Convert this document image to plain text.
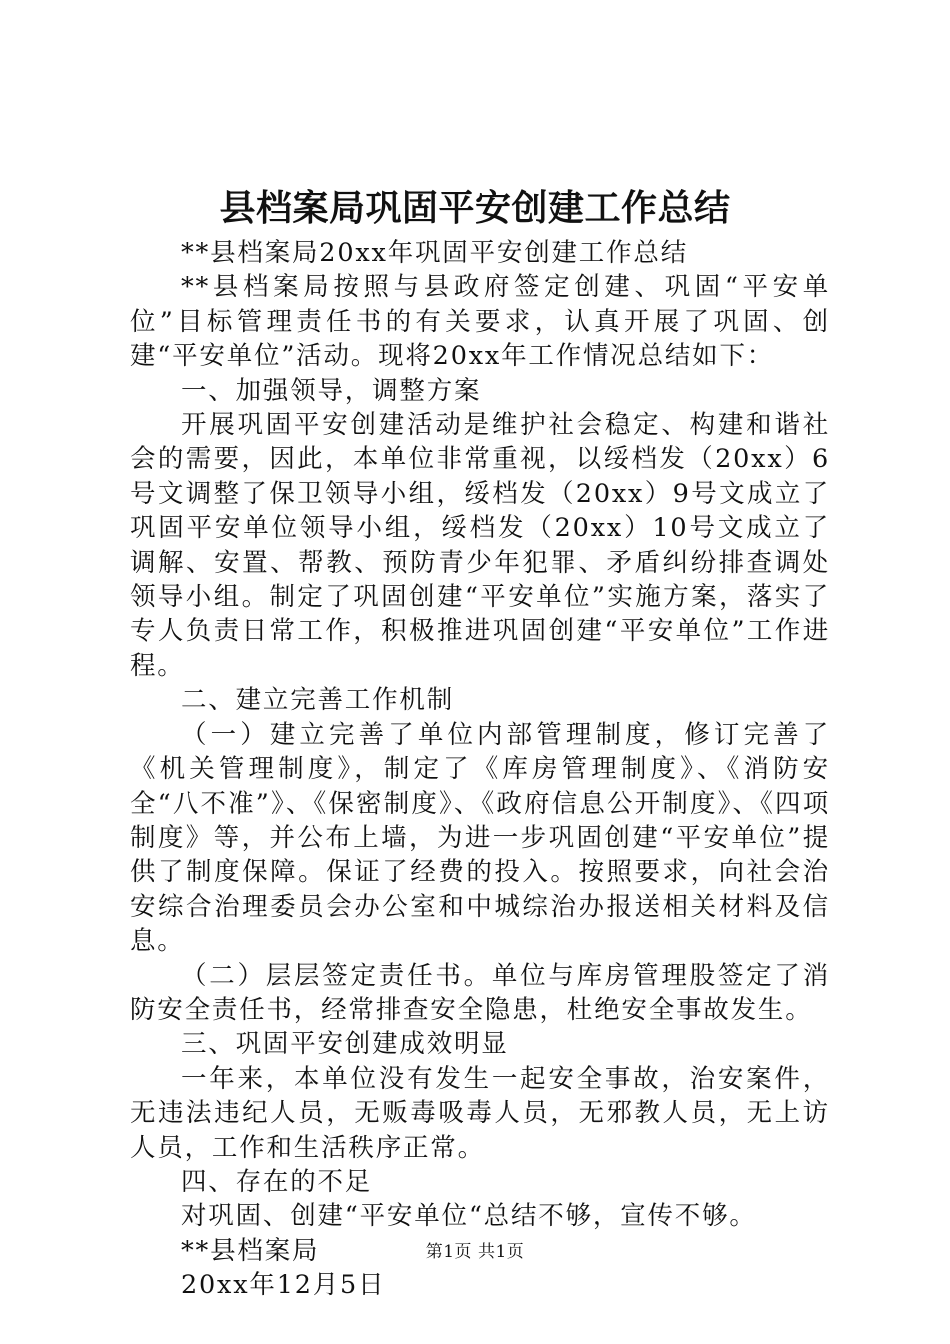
县档案局巩固平安创建工作总结

**县档案局20xx年巩固平安创建工作总结

**县档案局按照与县政府签定创建、巩固“平安单位”目标管理责任书的有关要求，认真开展了巩固、创建“平安单位”活动。现将20xx年工作情况总结如下：

一、加强领导，调整方案

开展巩固平安创建活动是维护社会稳定、构建和谐社会的需要，因此，本单位非常重视，以绥档发（20xx）6号文调整了保卫领导小组，绥档发（20xx）9号文成立了巩固平安单位领导小组，绥档发（20xx）10号文成立了调解、安置、帮教、预防青少年犯罪、矛盾纠纷排查调处领导小组。制定了巩固创建“平安单位”实施方案，落实了专人负责日常工作，积极推进巩固创建“平安单位”工作进程。

二、建立完善工作机制

（一）建立完善了单位内部管理制度，修订完善了《机关管理制度》，制定了《库房管理制度》、《消防安全“八不准”》、《保密制度》、《政府信息公开制度》、《四项制度》等，并公布上墙，为进一步巩固创建“平安单位”提供了制度保障。保证了经费的投入。按照要求，向社会治安综合治理委员会办公室和中城综治办报送相关材料及信息。

（二）层层签定责任书。单位与库房管理股签定了消防安全责任书，经常排查安全隐患，杜绝安全事故发生。

三、巩固平安创建成效明显

一年来，本单位没有发生一起安全事故，治安案件，无违法违纪人员，无贩毒吸毒人员，无邪教人员，无上访人员，工作和生活秩序正常。

四、存在的不足

对巩固、创建“平安单位“总结不够，宣传不够。

**县档案局

20xx年12月5日

第1页 共1页
